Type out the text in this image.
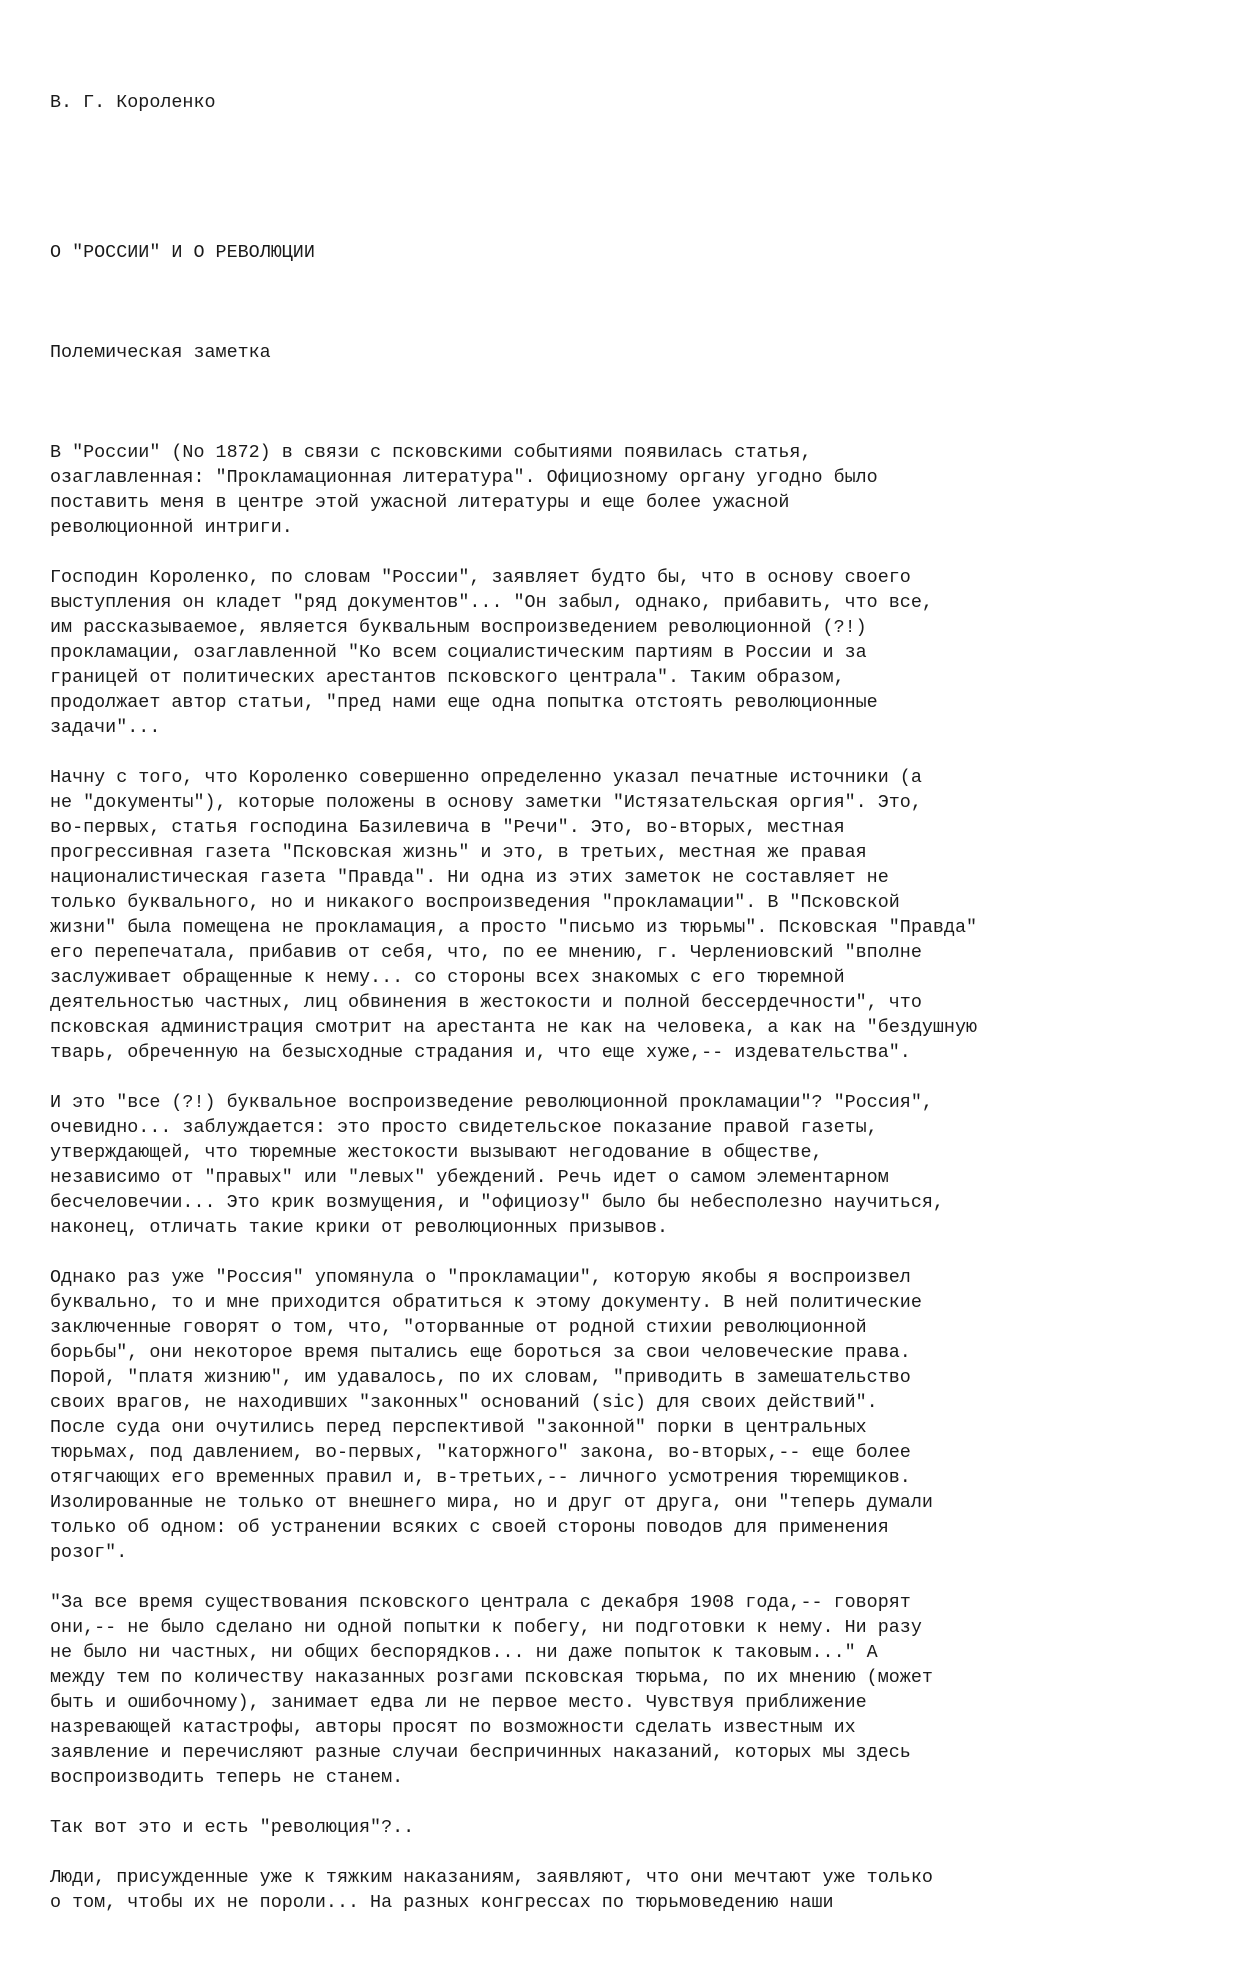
В. Г. Короленко

О "РОССИИ" И О РЕВОЛЮЦИИ

Полемическая заметка

В "России" (No 1872) в связи с псковскими событиями появилась статья,
озаглавленная: "Прокламационная литература". Официозному органу угодно было
поставить меня в центре этой ужасной литературы и еще более ужасной
революционной интриги.
Господин Короленко, по словам "России", заявляет будто бы, что в основу своего
выступления он кладет "ряд документов"... "Он забыл, однако, прибавить, что все,
им рассказываемое, является буквальным воспроизведением революционной (?!)
прокламации, озаглавленной "Ко всем социалистическим партиям в России и за
границей от политических арестантов псковского централа". Таким образом,
продолжает автор статьи, "пред нами еще одна попытка отстоять революционные
задачи"...
Начну с того, что Короленко совершенно определенно указал печатные источники (а
не "документы"), которые положены в основу заметки "Истязательская оргия". Это,
во-первых, статья господина Базилевича в "Речи". Это, во-вторых, местная
прогрессивная газета "Псковская жизнь" и это, в третьих, местная же правая
националистическая газета "Правда". Ни одна из этих заметок не составляет не
только буквального, но и никакого воспроизведения "прокламации". В "Псковской
жизни" была помещена не прокламация, а просто "письмо из тюрьмы". Псковская "Правда"
его перепечатала, прибавив от себя, что, по ее мнению, г. Черлениовский "вполне
заслуживает обращенные к нему... со стороны всех знакомых с его тюремной
деятельностью частных, лиц обвинения в жестокости и полной бессердечности", что
псковская администрация смотрит на арестанта не как на человека, а как на "бездушную
тварь, обреченную на безысходные страдания и, что еще хуже,-- издевательства".
И это "все (?!) буквальное воспроизведение революционной прокламации"? "Россия",
очевидно... заблуждается: это просто свидетельское показание правой газеты,
утверждающей, что тюремные жестокости вызывают негодование в обществе,
независимо от "правых" или "левых" убеждений. Речь идет о самом элементарном
бесчеловечии... Это крик возмущения, и "официозу" было бы небесполезно научиться,
наконец, отличать такие крики от революционных призывов.
Однако раз уже "Россия" упомянула о "прокламации", которую якобы я воспроизвел
буквально, то и мне приходится обратиться к этому документу. В ней политические
заключенные говорят о том, что, "оторванные от родной стихии революционной
борьбы", они некоторое время пытались еще бороться за свои человеческие права.
Порой, "платя жизнию", им удавалось, по их словам, "приводить в замешательство
своих врагов, не находивших "законных" оснований (sic) для своих действий".
После суда они очутились перед перспективой "законной" порки в центральных
тюрьмах, под давлением, во-первых, "каторжного" закона, во-вторых,-- еще более
отягчающих его временных правил и, в-третьих,-- личного усмотрения тюремщиков.
Изолированные не только от внешнего мира, но и друг от друга, они "теперь думали
только об одном: об устранении всяких с своей стороны поводов для применения
розог".
"За все время существования псковского централа с декабря 1908 года,-- говорят
они,-- не было сделано ни одной попытки к побегу, ни подготовки к нему. Ни разу
не было ни частных, ни общих беспорядков... ни даже попыток к таковым..." А
между тем по количеству наказанных розгами псковская тюрьма, по их мнению (может
быть и ошибочному), занимает едва ли не первое место. Чувствуя приближение
назревающей катастрофы, авторы просят по возможности сделать известным их
заявление и перечисляют разные случаи беспричинных наказаний, которых мы здесь
воспроизводить теперь не станем.
Так вот это и есть "революция"?..
Люди, присужденные уже к тяжким наказаниям, заявляют, что они мечтают уже только
о том, чтобы их не пороли... На разных конгрессах по тюрьмоведению наши
